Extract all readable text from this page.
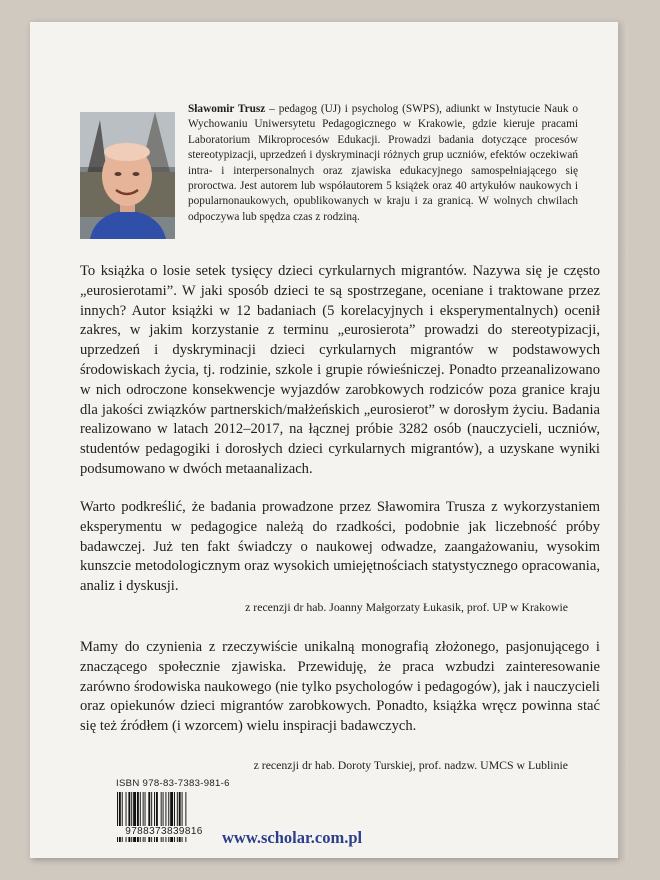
Sławomir Trusz – pedagog (UJ) i psycholog (SWPS), adiunkt w Instytucie Nauk o Wychowaniu Uniwersytetu Pedagogicznego w Krakowie, gdzie kieruje pracami Laboratorium Mikroprocesów Edukacji. Prowadzi badania dotyczące procesów stereotypizacji, uprzedzeń i dyskryminacji różnych grup uczniów, efektów oczekiwań intra- i interpersonalnych oraz zjawiska edukacyjnego samospełniającego się proroctwa. Jest autorem lub współautorem 5 książek oraz 40 artykułów naukowych i popularnonaukowych, opublikowanych w kraju i za granicą. W wolnych chwilach odpoczywa lub spędza czas z rodziną.
To książka o losie setek tysięcy dzieci cyrkularnych migrantów. Nazywa się je często „eurosierotami”. W jaki sposób dzieci te są spostrzegane, oceniane i traktowane przez innych? Autor książki w 12 badaniach (5 korelacyjnych i eksperymentalnych) ocenił zakres, w jakim korzystanie z terminu „eurosierota” prowadzi do stereotypizacji, uprzedzeń i dyskryminacji dzieci cyrkularnych migrantów w podstawowych środowiskach życia, tj. rodzinie, szkole i grupie rówieśniczej. Ponadto przeanalizowano w nich odroczone konsekwencje wyjazdów zarobkowych rodziców poza granice kraju dla jakości związków partnerskich/małżeńskich „eurosierot” w dorosłym życiu. Badania realizowano w latach 2012–2017, na łącznej próbie 3282 osób (nauczycieli, uczniów, studentów pedagogiki i dorosłych dzieci cyrkularnych migrantów), a uzyskane wyniki podsumowano w dwóch metaanalizach.
Warto podkreślić, że badania prowadzone przez Sławomira Trusza z wykorzystaniem eksperymentu w pedagogice należą do rzadkości, podobnie jak liczebność próby badawczej. Już ten fakt świadczy o naukowej odwadze, zaangażowaniu, wysokim kunszcie metodologicznym oraz wysokich umiejętnościach statystycznego opracowania, analiz i dyskusji.
z recenzji dr hab. Joanny Małgorzaty Łukasik, prof. UP w Krakowie
Mamy do czynienia z rzeczywiście unikalną monografią złożonego, pasjonującego i znaczącego społecznie zjawiska. Przewiduję, że praca wzbudzi zainteresowanie zarówno środowiska naukowego (nie tylko psychologów i pedagogów), jak i nauczycieli oraz opiekunów dzieci migrantów zarobkowych. Ponadto, książka wręcz powinna stać się też źródłem (i wzorcem) wielu inspiracji badawczych.
z recenzji dr hab. Doroty Turskiej, prof. nadzw. UMCS w Lublinie
ISBN 978-83-7383-981-6
9788373839816	www.scholar.com.pl
